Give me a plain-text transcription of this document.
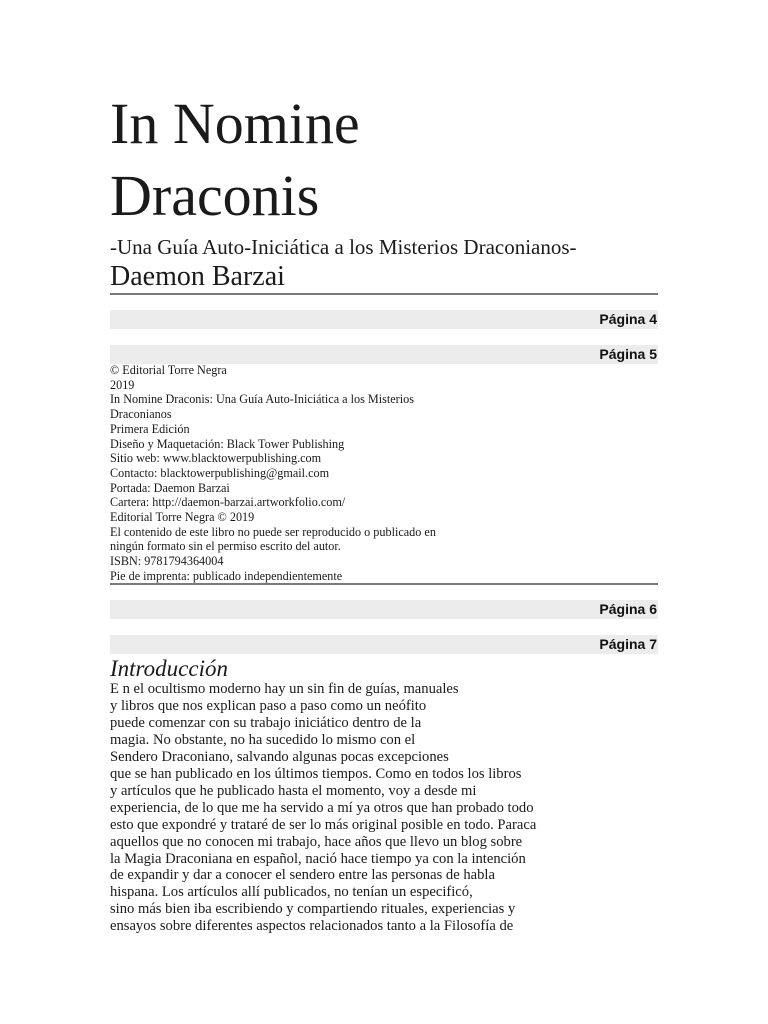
In Nomine
Draconis
-Una Guía Auto-Iniciática a los Misterios Draconianos-
Daemon Barzai
Página 4
Página 5
© Editorial Torre Negra
2019
In Nomine Draconis: Una Guía Auto-Iniciática a los Misterios
Draconianos
Primera Edición
Diseño y Maquetación: Black Tower Publishing
Sitio web: www.blacktowerpublishing.com
Contacto: blacktowerpublishing@gmail.com
Portada: Daemon Barzai
Cartera: http://daemon-barzai.artworkfolio.com/
Editorial Torre Negra © 2019
El contenido de este libro no puede ser reproducido o publicado en
ningún formato sin el permiso escrito del autor.
ISBN: 9781794364004
Pie de imprenta: publicado independientemente
Página 6
Página 7
Introducción
E n el ocultismo moderno hay un sin fin de guías, manuales
y libros que nos explican paso a paso como un neófito
puede comenzar con su trabajo iniciático dentro de la
magia. No obstante, no ha sucedido lo mismo con el
Sendero Draconiano, salvando algunas pocas excepciones
que se han publicado en los últimos tiempos. Como en todos los libros
y artículos que he publicado hasta el momento, voy a desde mi
experiencia, de lo que me ha servido a mí ya otros que han probado todo
esto que expondré y trataré de ser lo más original posible en todo. Paraca
aquellos que no conocen mi trabajo, hace años que llevo un blog sobre
la Magia Draconiana en español, nació hace tiempo ya con la intención
de expandir y dar a conocer el sendero entre las personas de habla
hispana. Los artículos allí publicados, no tenían un especificó,
sino más bien iba escribiendo y compartiendo rituales, experiencias y
ensayos sobre diferentes aspectos relacionados tanto a la Filosofía de
